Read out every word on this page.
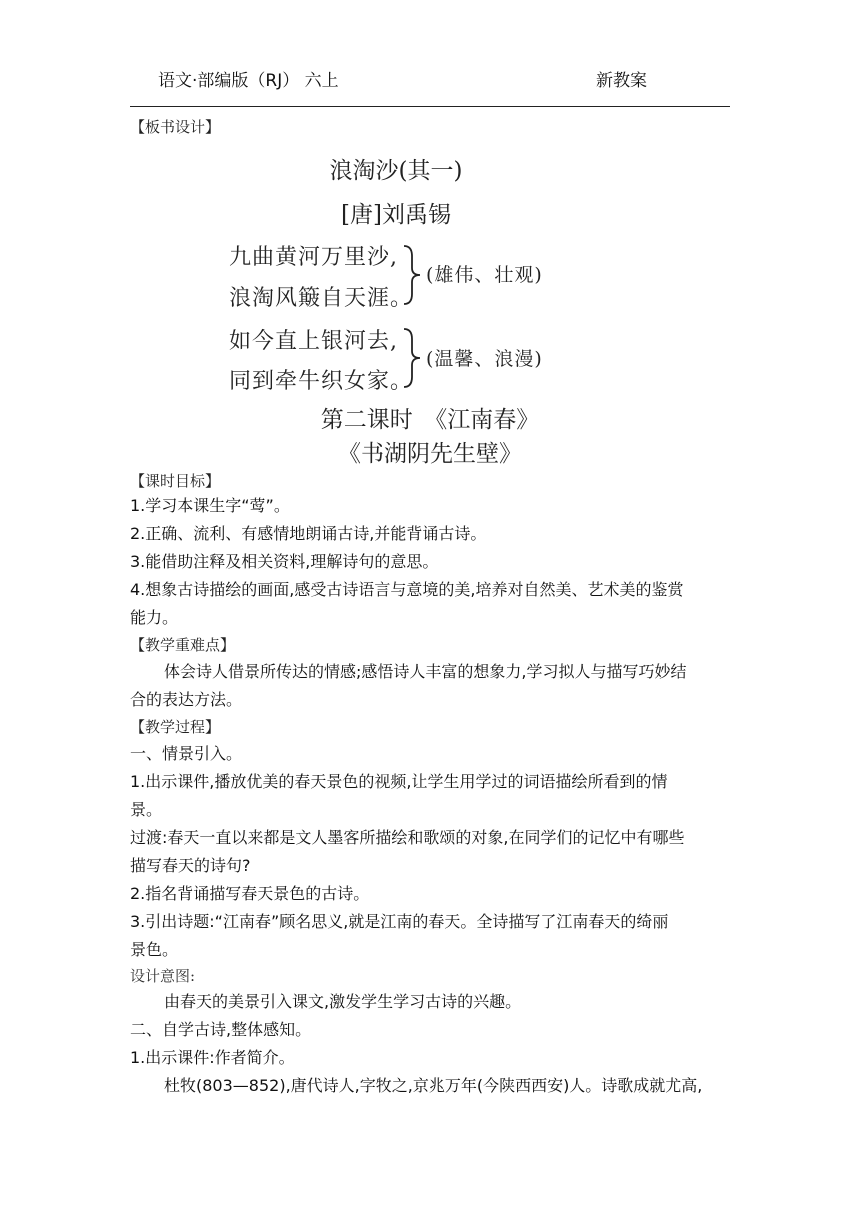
语文·部编版（RJ） 六上	新教案
【板书设计】
浪淘沙(其一)
[唐]刘禹锡
九曲黄河万里沙,
浪淘风簸自天涯。
(雄伟、壮观)
如今直上银河去,
同到牵牛织女家。
(温馨、浪漫)
第二课时　《江南春》
《书湖阴先生壁》
【课时目标】
1.学习本课生字“莺”。
2.正确、流利、有感情地朗诵古诗,并能背诵古诗。
3.能借助注释及相关资料,理解诗句的意思。
4.想象古诗描绘的画面,感受古诗语言与意境的美,培养对自然美、艺术美的鉴赏
能力。
【教学重难点】
体会诗人借景所传达的情感;感悟诗人丰富的想象力,学习拟人与描写巧妙结
合的表达方法。
【教学过程】
一、情景引入。
1.出示课件,播放优美的春天景色的视频,让学生用学过的词语描绘所看到的情
景。
过渡:春天一直以来都是文人墨客所描绘和歌颂的对象,在同学们的记忆中有哪些
描写春天的诗句?
2.指名背诵描写春天景色的古诗。
3.引出诗题:“江南春”顾名思义,就是江南的春天。全诗描写了江南春天的绮丽
景色。
设计意图:
由春天的美景引入课文,激发学生学习古诗的兴趣。
二、自学古诗,整体感知。
1.出示课件:作者简介。
杜牧(803—852),唐代诗人,字牧之,京兆万年(今陕西西安)人。诗歌成就尤高,
